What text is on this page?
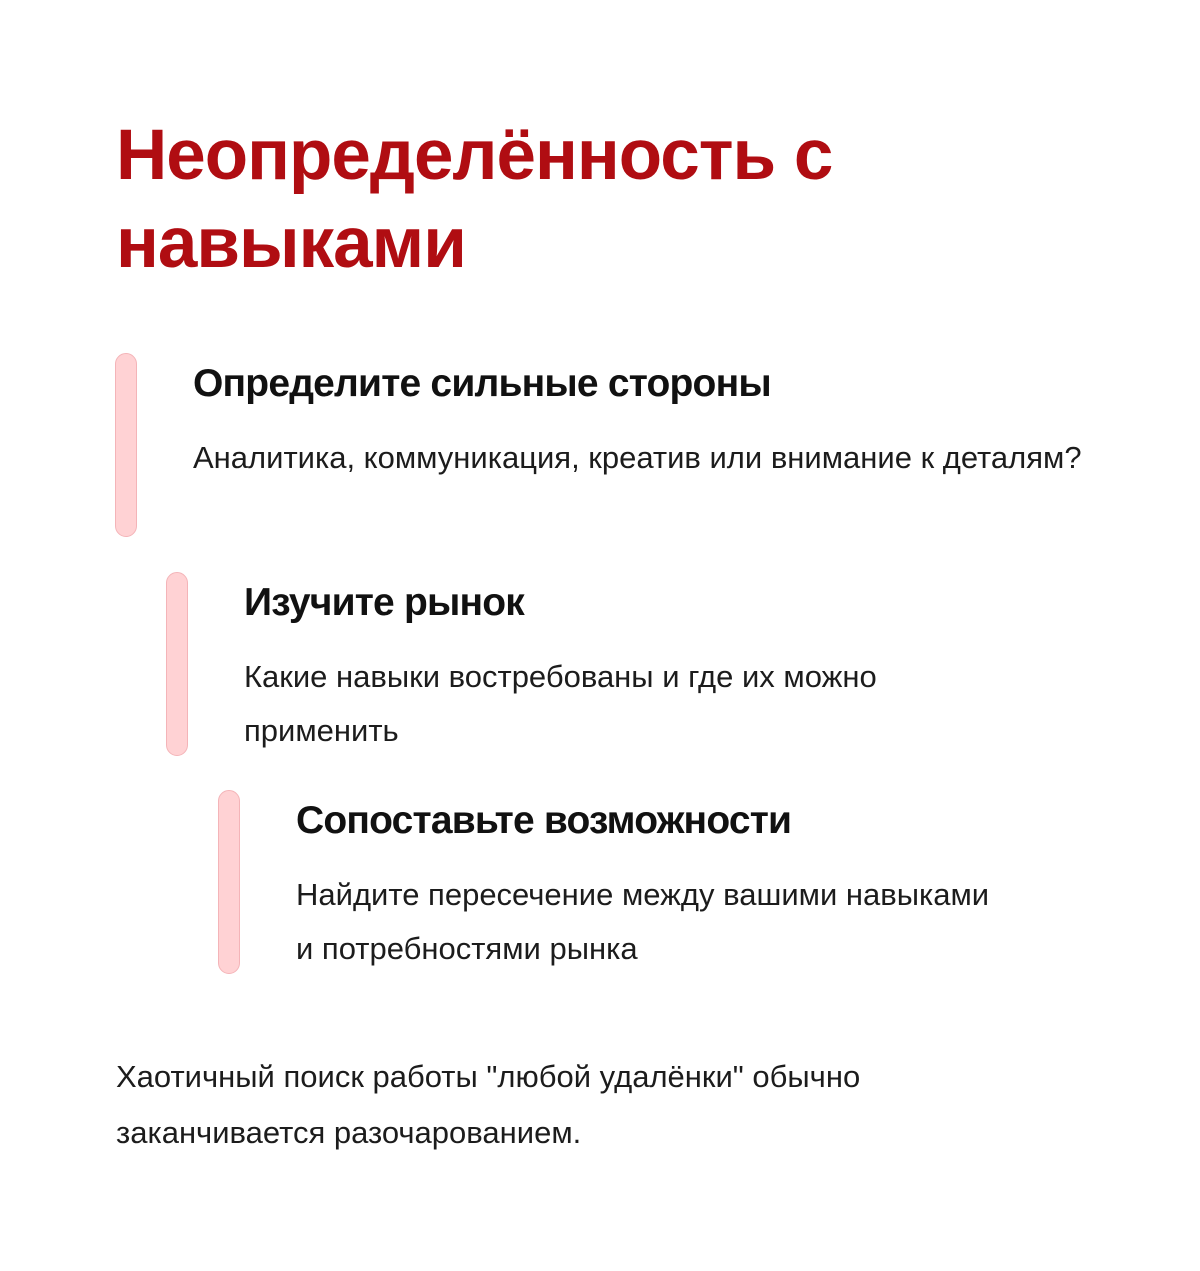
Неопределённость с навыками
Определите сильные стороны

Аналитика, коммуникация, креатив или внимание к деталям?

Изучите рынок

Какие навыки востребованы и где их можно применить

Сопоставьте возможности

Найдите пересечение между вашими навыками и потребностями рынка

Хаотичный поиск работы "любой удалёнки" обычно заканчивается разочарованием.
